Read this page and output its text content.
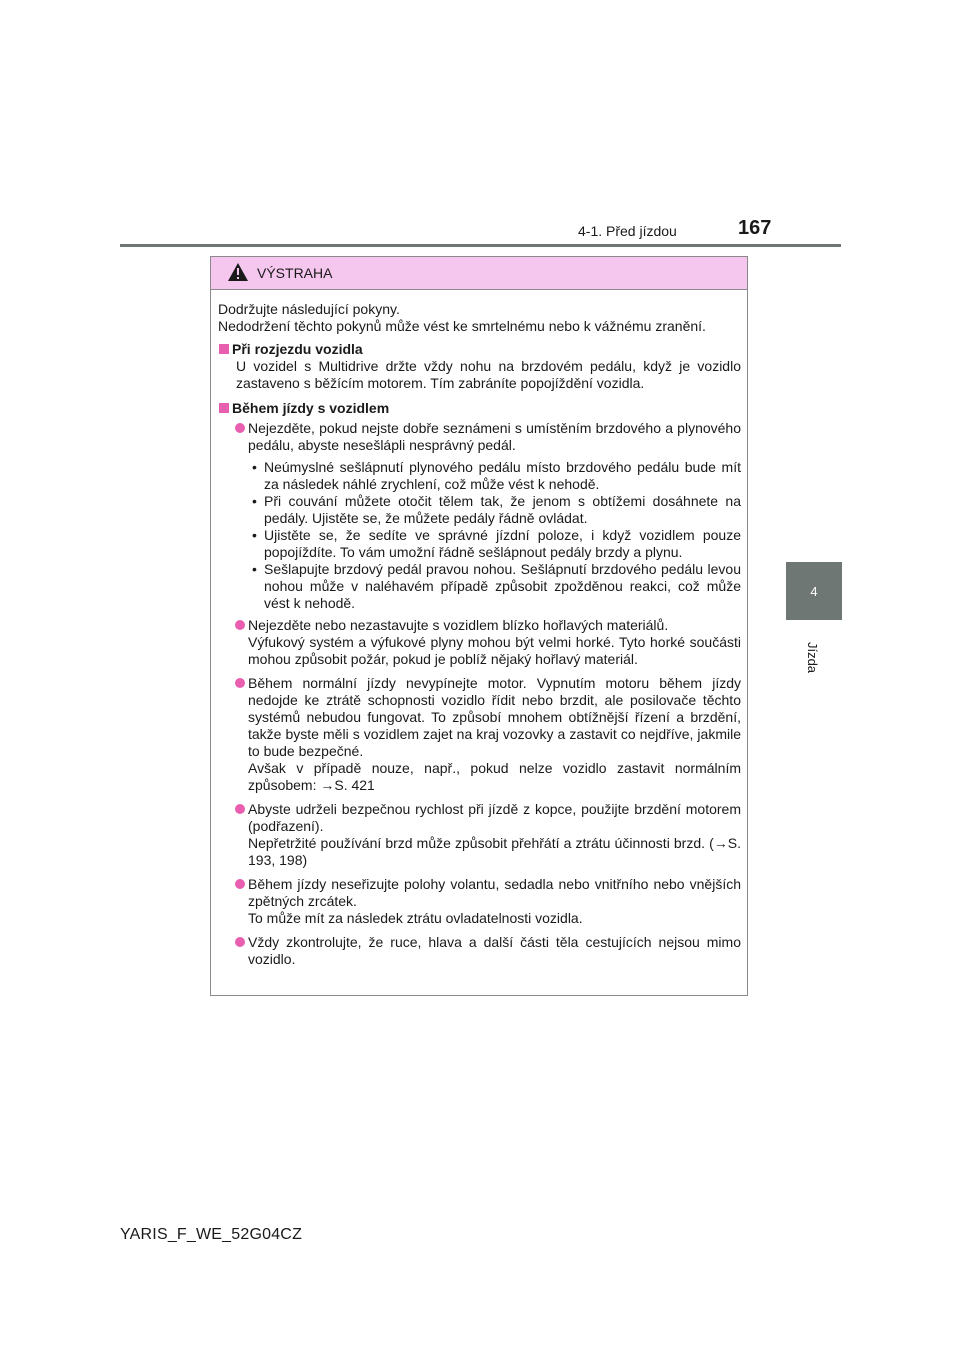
4-1. Před jízdou	167
4
Jízda
VÝSTRAHA
Dodržujte následující pokyny.
Nedodržení těchto pokynů může vést ke smrtelnému nebo k vážnému zranění.
Při rozjezdu vozidla
U vozidel s Multidrive držte vždy nohu na brzdovém pedálu, když je vozidlo zastaveno s běžícím motorem. Tím zabráníte popojíždění vozidla.
Během jízdy s vozidlem
Nejezděte, pokud nejste dobře seznámeni s umístěním brzdového a plynového pedálu, abyste nesešlápli nesprávný pedál.
• Neúmyslné sešlápnutí plynového pedálu místo brzdového pedálu bude mít za následek náhlé zrychlení, což může vést k nehodě.
• Při couvání můžete otočit tělem tak, že jenom s obtížemi dosáhnete na pedály. Ujistěte se, že můžete pedály řádně ovládat.
• Ujistěte se, že sedíte ve správné jízdní poloze, i když vozidlem pouze popojíždíte. To vám umožní řádně sešlápnout pedály brzdy a plynu.
• Sešlapujte brzdový pedál pravou nohou. Sešlápnutí brzdového pedálu levou nohou může v naléhavém případě způsobit zpožděnou reakci, což může vést k nehodě.
Nejezděte nebo nezastavujte s vozidlem blízko hořlavých materiálů.
Výfukový systém a výfukové plyny mohou být velmi horké. Tyto horké součásti mohou způsobit požár, pokud je poblíž nějaký hořlavý materiál.
Během normální jízdy nevypínejte motor. Vypnutím motoru během jízdy nedojde ke ztrátě schopnosti vozidlo řídit nebo brzdit, ale posilovače těchto systémů nebudou fungovat. To způsobí mnohem obtížnější řízení a brzdění, takže byste měli s vozidlem zajet na kraj vozovky a zastavit co nejdříve, jakmile to bude bezpečné.
Avšak v případě nouze, např., pokud nelze vozidlo zastavit normálním způsobem: →S. 421
Abyste udrželi bezpečnou rychlost při jízdě z kopce, použijte brzdění motorem (podřazení).
Nepřetržité používání brzd může způsobit přehřátí a ztrátu účinnosti brzd. (→S. 193, 198)
Během jízdy neseřizujte polohy volantu, sedadla nebo vnitřního nebo vnějších zpětných zrcátek.
To může mít za následek ztrátu ovladatelnosti vozidla.
Vždy zkontrolujte, že ruce, hlava a další části těla cestujících nejsou mimo vozidlo.
YARIS_F_WE_52G04CZ
